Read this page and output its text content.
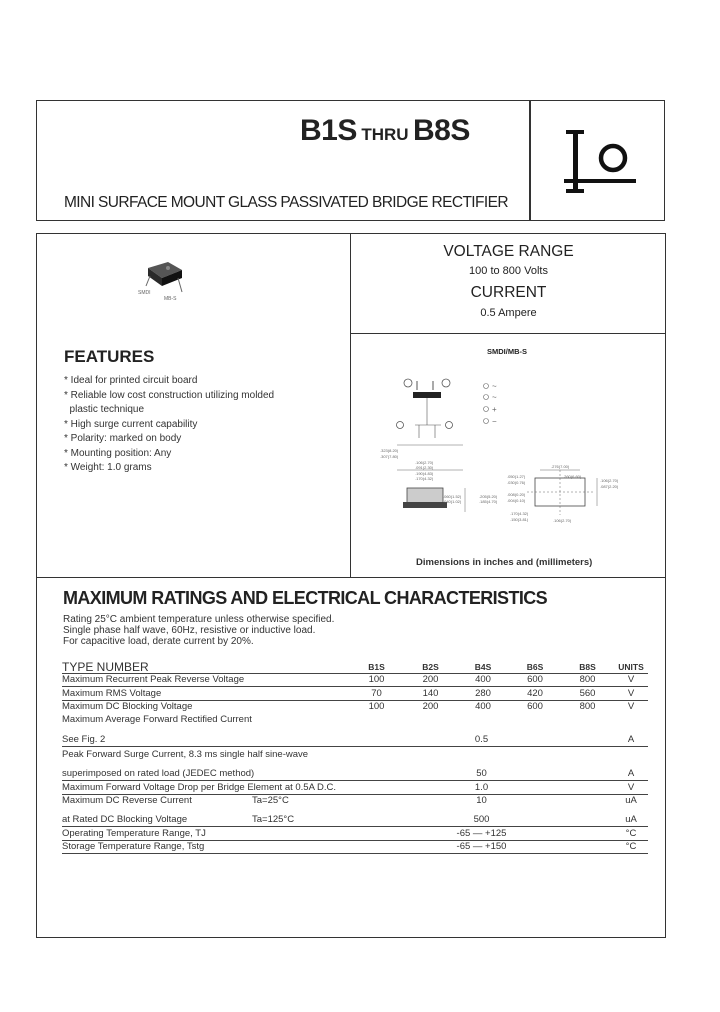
B1S THRU B8S
MINI SURFACE MOUNT GLASS PASSIVATED BRIDGE RECTIFIER
SMDI
MB-S
FEATURES
* Ideal for printed circuit board
* Reliable low cost construction utilizing molded
plastic technique
* High surge current capability
* Polarity: marked on body
* Mounting position: Any
* Weight: 1.0 grams
VOLTAGE RANGE
100 to 800 Volts
CURRENT
0.5 Ampere
SMDI/MB-S
~
~
+
−
.323(8.20)
.307(7.80)
.106(2.70)
.091(2.30)
.190(4.83)
.170(4.32)
.060(1.52)
.040(1.02)
.205(5.20)
.185(4.70)
.276(7.00)
.260(6.60)
.106(2.70)
.087(2.20)
.050(1.27)
.030(0.76)
.008(0.20)
.004(0.10)
.170(4.32)
.150(3.81)	.106(2.70)
Dimensions in inches and (millimeters)
MAXIMUM RATINGS AND ELECTRICAL CHARACTERISTICS
Rating 25°C ambient temperature unless otherwise specified.
Single phase half wave, 60Hz, resistive or inductive load.
For capacitive load, derate current by 20%.
TYPE NUMBER	B1S	B2S	B4S	B6S	B8S	UNITS
Maximum Recurrent Peak Reverse Voltage	100	200	400	600	800	V
Maximum RMS Voltage	70	140	280	420	560	V
Maximum DC Blocking Voltage	100	200	400	600	800	V
Maximum Average Forward Rectified Current						
See Fig. 2	0.5					A
Peak Forward Surge Current, 8.3 ms single half sine-wave						
superimposed on rated load (JEDEC method)	50					A
Maximum Forward Voltage Drop per Bridge Element at 0.5A D.C.	1.0					V
Maximum DC Reverse Current Ta=25°C	10					uA
at Rated DC Blocking Voltage Ta=125°C	500					uA
Operating Temperature Range, TJ	-65 — +125					°C
Storage Temperature Range, Tstg	-65 — +150					°C
